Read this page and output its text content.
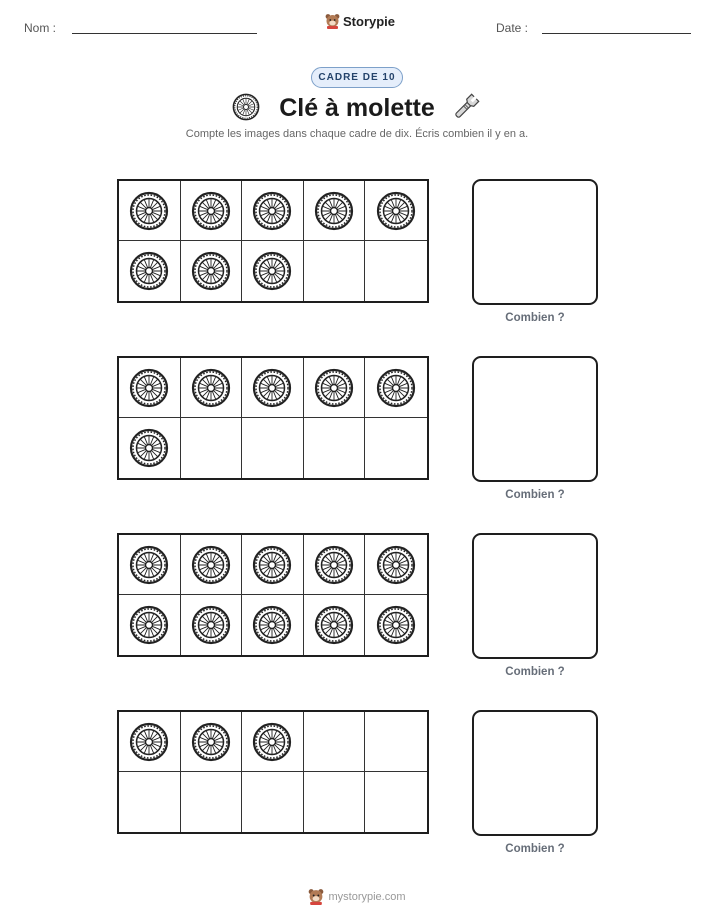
Nom :	Storypie	Date :
CADRE DE 10
Clé à molette
Compte les images dans chaque cadre de dix. Écris combien il y en a.
Combien ?
Combien ?
Combien ?
Combien ?
mystorypie.com
